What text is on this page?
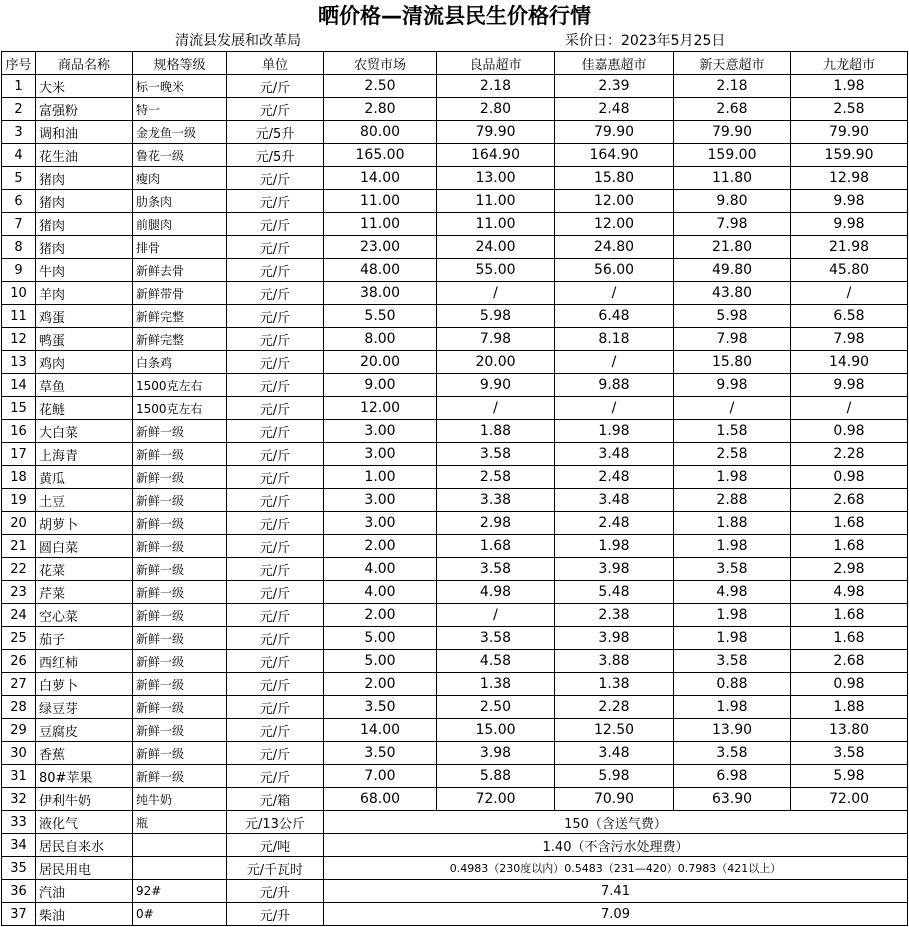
晒价格—清流县民生价格行情
清流县发展和改革局	采价日：2023年5月25日
序号	商品名称	规格等级	单位	农贸市场	良品超市	佳嘉惠超市	新天意超市	九龙超市
1	大米	标一晚米	元/斤	2.50	2.18	2.39	2.18	1.98
2	富强粉	特一	元/斤	2.80	2.80	2.48	2.68	2.58
3	调和油	金龙鱼一级	元/5升	80.00	79.90	79.90	79.90	79.90
4	花生油	鲁花一级	元/5升	165.00	164.90	164.90	159.00	159.90
5	猪肉	瘦肉	元/斤	14.00	13.00	15.80	11.80	12.98
6	猪肉	肋条肉	元/斤	11.00	11.00	12.00	9.80	9.98
7	猪肉	前腿肉	元/斤	11.00	11.00	12.00	7.98	9.98
8	猪肉	排骨	元/斤	23.00	24.00	24.80	21.80	21.98
9	牛肉	新鲜去骨	元/斤	48.00	55.00	56.00	49.80	45.80
10	羊肉	新鲜带骨	元/斤	38.00	/	/	43.80	/
11	鸡蛋	新鲜完整	元/斤	5.50	5.98	6.48	5.98	6.58
12	鸭蛋	新鲜完整	元/斤	8.00	7.98	8.18	7.98	7.98
13	鸡肉	白条鸡	元/斤	20.00	20.00	/	15.80	14.90
14	草鱼	1500克左右	元/斤	9.00	9.90	9.88	9.98	9.98
15	花鲢	1500克左右	元/斤	12.00	/	/	/	/
16	大白菜	新鲜一级	元/斤	3.00	1.88	1.98	1.58	0.98
17	上海青	新鲜一级	元/斤	3.00	3.58	3.48	2.58	2.28
18	黄瓜	新鲜一级	元/斤	1.00	2.58	2.48	1.98	0.98
19	土豆	新鲜一级	元/斤	3.00	3.38	3.48	2.88	2.68
20	胡萝卜	新鲜一级	元/斤	3.00	2.98	2.48	1.88	1.68
21	圆白菜	新鲜一级	元/斤	2.00	1.68	1.98	1.98	1.68
22	花菜	新鲜一级	元/斤	4.00	3.58	3.98	3.58	2.98
23	芹菜	新鲜一级	元/斤	4.00	4.98	5.48	4.98	4.98
24	空心菜	新鲜一级	元/斤	2.00	/	2.38	1.98	1.68
25	茄子	新鲜一级	元/斤	5.00	3.58	3.98	1.98	1.68
26	西红柿	新鲜一级	元/斤	5.00	4.58	3.88	3.58	2.68
27	白萝卜	新鲜一级	元/斤	2.00	1.38	1.38	0.88	0.98
28	绿豆芽	新鲜一级	元/斤	3.50	2.50	2.28	1.98	1.88
29	豆腐皮	新鲜一级	元/斤	14.00	15.00	12.50	13.90	13.80
30	香蕉	新鲜一级	元/斤	3.50	3.98	3.48	3.58	3.58
31	80#苹果	新鲜一级	元/斤	7.00	5.88	5.98	6.98	5.98
32	伊利牛奶	纯牛奶	元/箱	68.00	72.00	70.90	63.90	72.00
33	液化气	瓶	元/13公斤	150（含送气费）				
34	居民自来水		元/吨	1.40（不含污水处理费）				
35	居民用电		元/千瓦时	0.4983（230度以内）0.5483（231—420）0.7983（421以上）				
36	汽油	92#	元/升	7.41				
37	柴油	0#	元/升	7.09				
